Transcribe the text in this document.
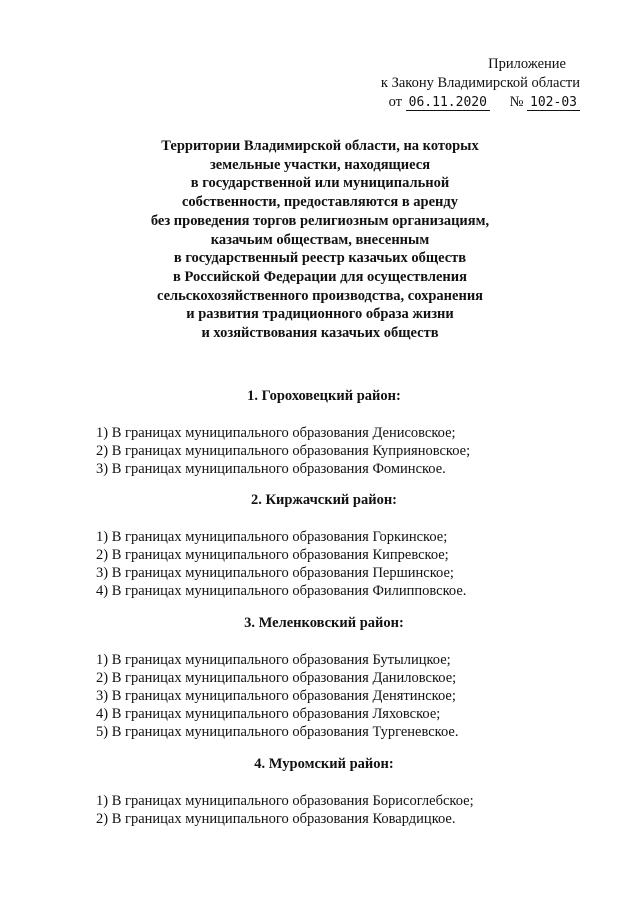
Приложение
к Закону Владимирской области
от 06.11.2020 № 102-03
Территории Владимирской области, на которых
земельные участки, находящиеся
в государственной или муниципальной
собственности, предоставляются в аренду
без проведения торгов религиозным организациям,
казачьим обществам, внесенным
в государственный реестр казачьих обществ
в Российской Федерации для осуществления
сельскохозяйственного производства, сохранения
и развития традиционного образа жизни
и хозяйствования казачьих обществ
1. Гороховецкий район:
1) В границах муниципального образования Денисовское;
2) В границах муниципального образования Куприяновское;
3) В границах муниципального образования Фоминское.
2. Киржачский район:
1) В границах муниципального образования Горкинское;
2) В границах муниципального образования Кипревское;
3) В границах муниципального образования Першинское;
4) В границах муниципального образования Филипповское.
3. Меленковский район:
1) В границах муниципального образования Бутылицкое;
2) В границах муниципального образования Даниловское;
3) В границах муниципального образования Денятинское;
4) В границах муниципального образования Ляховское;
5) В границах муниципального образования Тургеневское.
4. Муромский район:
1) В границах муниципального образования Борисоглебское;
2) В границах муниципального образования Ковардицкое.
